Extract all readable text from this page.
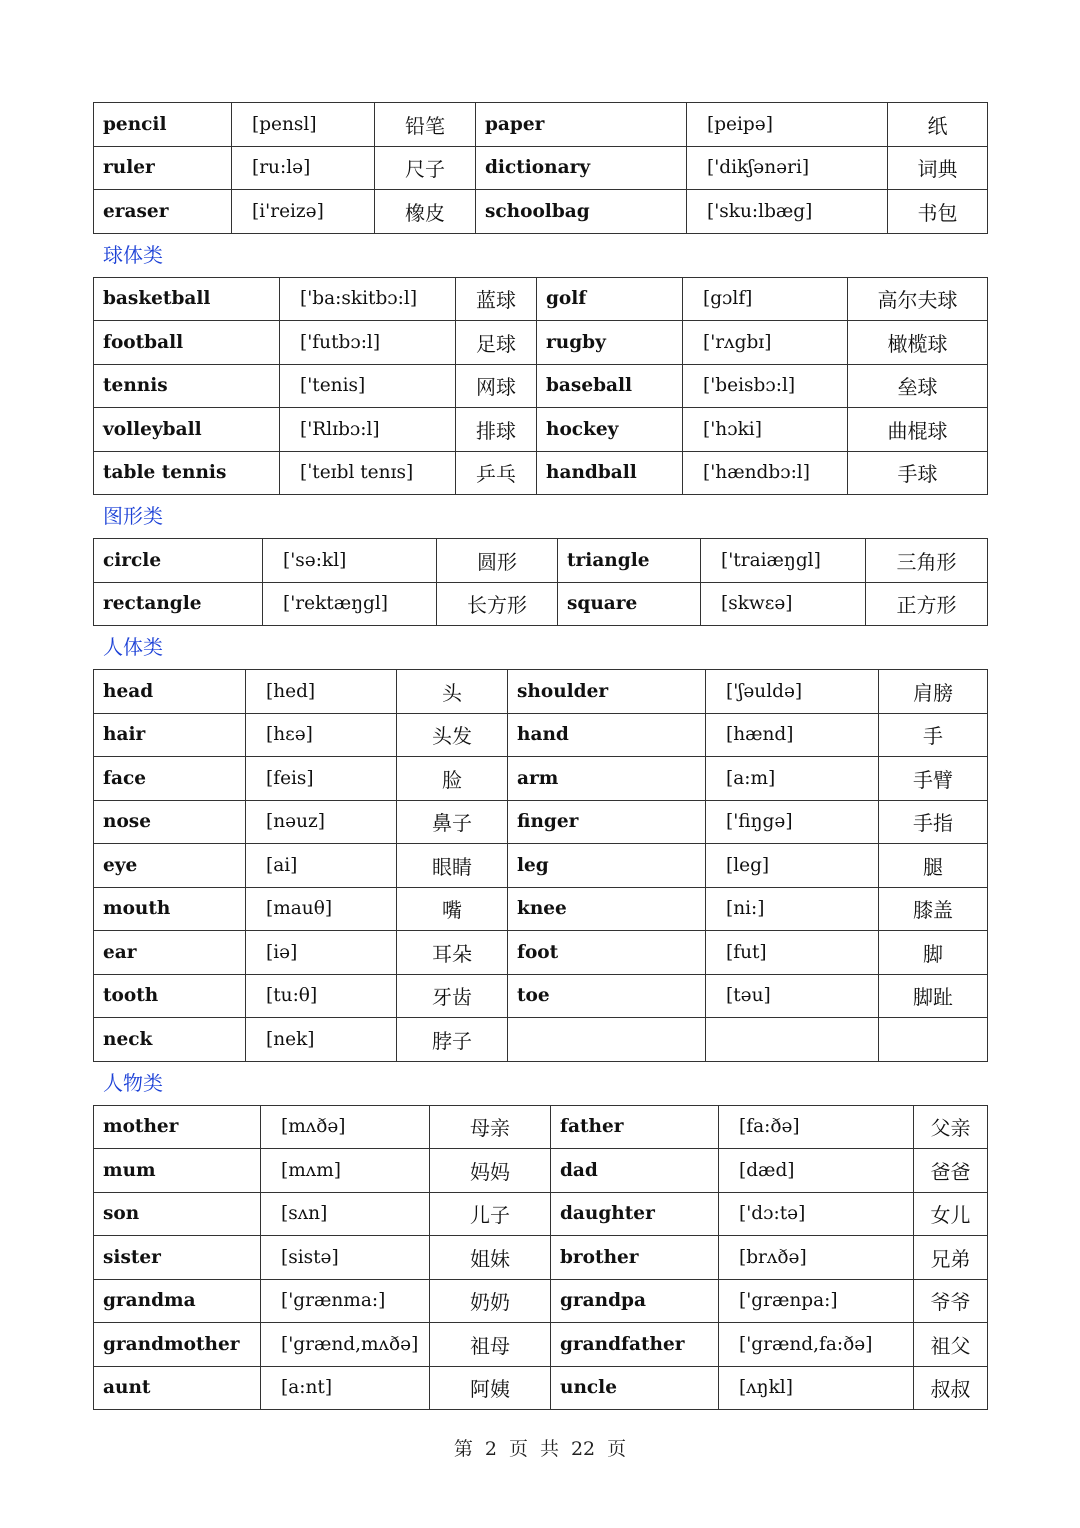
pencil	[pensl]	铅笔	paper	[peipə]	纸
ruler	[ru:lə]	尺子	dictionary	['dikʃənəri]	词典
eraser	[i'reizə]	橡皮	schoolbag	['sku:lbæg]	书包
球体类
basketball	['ba:skitbɔ:l]	蓝球	golf	[gɔlf]	高尔夫球
football	['futbɔ:l]	足球	rugby	['rʌgbɪ]	橄榄球
tennis	['tenis]	网球	baseball	['beisbɔ:l]	垒球
volleyball	['Rlɪbɔ:l]	排球	hockey	['hɔki]	曲棍球
table tennis	[ˈteɪbl tenɪs]	乒乓	handball	['hændbɔ:l]	手球
图形类
circle	['sə:kl]	圆形	triangle	['traiæŋgl]	三角形
rectangle	['rektæŋgl]	长方形	square	[skwεə]	正方形
人体类
head	[hed]	头	shoulder	['ʃəuldə]	肩膀
hair	[hεə]	头发	hand	[hænd]	手
face	[feis]	脸	arm	[a:m]	手臂
nose	[nəuz]	鼻子	finger	['fiŋgə]	手指
eye	[ai]	眼睛	leg	[leg]	腿
mouth	[mauθ]	嘴	knee	[ni:]	膝盖
ear	[iə]	耳朵	foot	[fut]	脚
tooth	[tu:θ]	牙齿	toe	[təu]	脚趾
neck	[nek]	脖子			
人物类
mother	[mʌðə]	母亲	father	[fa:ðə]	父亲
mum	[mʌm]	妈妈	dad	[dæd]	爸爸
son	[sʌn]	儿子	daughter	['dɔ:tə]	女儿
sister	[sistə]	姐妹	brother	[brʌðə]	兄弟
grandma	['grænma:]	奶奶	grandpa	['grænpa:]	爷爷
grandmother	['grænd,mʌðə]	祖母	grandfather	['grænd,fa:ðə]	祖父
aunt	[a:nt]	阿姨	uncle	[ʌŋkl]	叔叔
第 2 页 共 22 页
